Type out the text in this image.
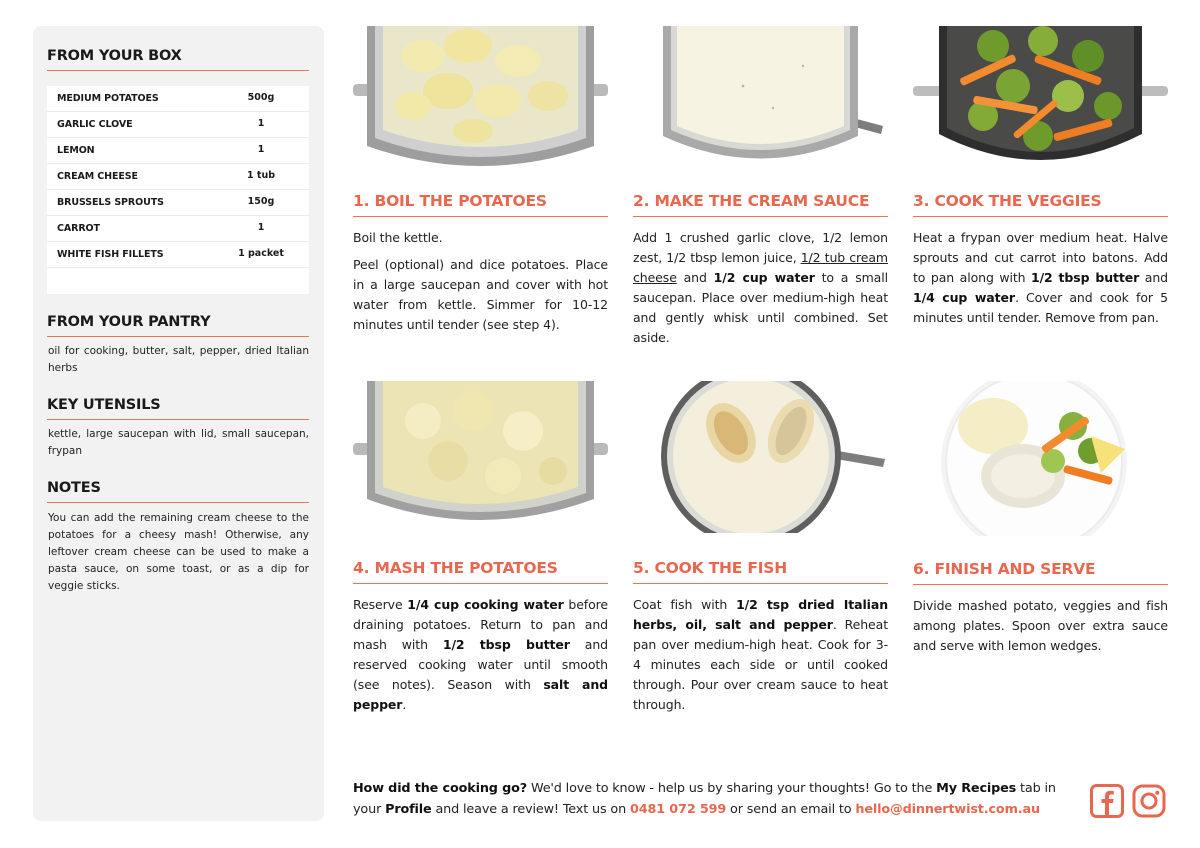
FROM YOUR BOX
MEDIUM POTATOES	500g
GARLIC CLOVE	1
LEMON	1
CREAM CHEESE	1 tub
BRUSSELS SPROUTS	150g
CARROT	1
WHITE FISH FILLETS	1 packet
FROM YOUR PANTRY
oil for cooking, butter, salt, pepper, dried Italian herbs
KEY UTENSILS
kettle, large saucepan with lid, small saucepan, frypan
NOTES
You can add the remaining cream cheese to the potatoes for a cheesy mash! Otherwise, any leftover cream cheese can be used to make a pasta sauce, on some toast, or as a dip for veggie sticks.
1. BOIL THE POTATOES

Boil the kettle.

Peel (optional) and dice potatoes. Place in a large saucepan and cover with hot water from kettle. Simmer for 10-12 minutes until tender (see step 4).

2. MAKE THE CREAM SAUCE
Add 1 crushed garlic clove, 1/2 lemon zest, 1/2 tbsp lemon juice, 1/2 tub cream cheese and 1/2 cup water to a small saucepan. Place over medium-high heat and gently whisk until combined. Set aside.
3. COOK THE VEGGIES
Heat a frypan over medium heat. Halve sprouts and cut carrot into batons. Add to pan along with 1/2 tbsp butter and 1/4 cup water. Cover and cook for 5 minutes until tender. Remove from pan.
4. MASH THE POTATOES
Reserve 1/4 cup cooking water before draining potatoes. Return to pan and mash with 1/2 tbsp butter and reserved cooking water until smooth (see notes). Season with salt and pepper.
5. COOK THE FISH
Coat fish with 1/2 tsp dried Italian herbs, oil, salt and pepper. Reheat pan over medium-high heat. Cook for 3-4 minutes each side or until cooked through. Pour over cream sauce to heat through.
6. FINISH AND SERVE
Divide mashed potato, veggies and fish among plates. Spoon over extra sauce and serve with lemon wedges.
How did the cooking go? We'd love to know - help us by sharing your thoughts! Go to the My Recipes tab in your Profile and leave a review! Text us on 0481 072 599 or send an email to hello@dinnertwist.com.au
